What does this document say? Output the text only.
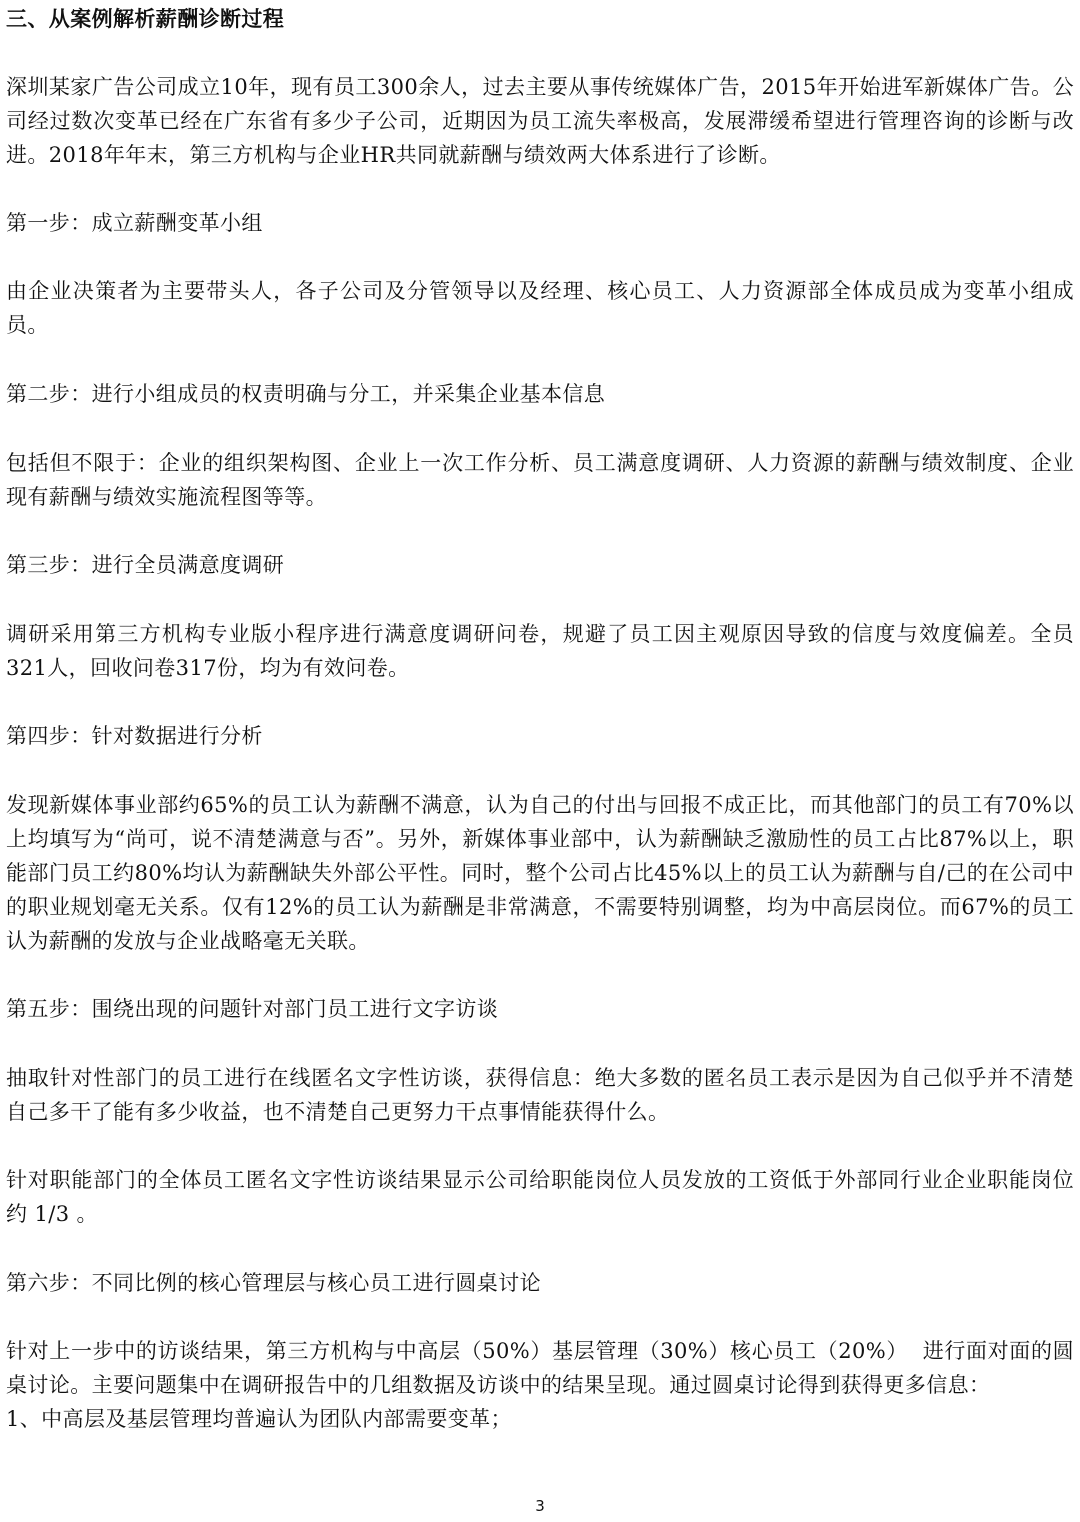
三、从案例解析薪酬诊断过程

深圳某家广告公司成立10年，现有员工300余人，过去主要从事传统媒体广告，2015年开始进军新媒体广告。公司经过数次变革已经在广东省有多少子公司，近期因为员工流失率极高，发展滞缓希望进行管理咨询的诊断与改进。2018年年末，第三方机构与企业HR共同就薪酬与绩效两大体系进行了诊断。

第一步：成立薪酬变革小组

由企业决策者为主要带头人，各子公司及分管领导以及经理、核心员工、人力资源部全体成员成为变革小组成员。

第二步：进行小组成员的权责明确与分工，并采集企业基本信息

包括但不限于：企业的组织架构图、企业上一次工作分析、员工满意度调研、人力资源的薪酬与绩效制度、企业现有薪酬与绩效实施流程图等等。

第三步：进行全员满意度调研

调研采用第三方机构专业版小程序进行满意度调研问卷，规避了员工因主观原因导致的信度与效度偏差。全员321人，回收问卷317份，均为有效问卷。

第四步：针对数据进行分析

发现新媒体事业部约65%的员工认为薪酬不满意，认为自己的付出与回报不成正比，而其他部门的员工有70%以上均填写为“尚可，说不清楚满意与否”。另外，新媒体事业部中，认为薪酬缺乏激励性的员工占比87%以上，职能部门员工约80%均认为薪酬缺失外部公平性。同时，整个公司占比45%以上的员工认为薪酬与自/己的在公司中的职业规划毫无关系。仅有12%的员工认为薪酬是非常满意，不需要特别调整，均为中高层岗位。而67%的员工认为薪酬的发放与企业战略毫无关联。

第五步：围绕出现的问题针对部门员工进行文字访谈

抽取针对性部门的员工进行在线匿名文字性访谈，获得信息：绝大多数的匿名员工表示是因为自己似乎并不清楚自己多干了能有多少收益，也不清楚自己更努力干点事情能获得什么。

针对职能部门的全体员工匿名文字性访谈结果显示公司给职能岗位人员发放的工资低于外部同行业企业职能岗位约 1/3 。

第六步：不同比例的核心管理层与核心员工进行圆桌讨论

针对上一步中的访谈结果，第三方机构与中高层（50%）基层管理（30%）核心员工（20%）  进行面对面的圆桌讨论。主要问题集中在调研报告中的几组数据及访谈中的结果呈现。通过圆桌讨论得到获得更多信息：

1、中高层及基层管理均普遍认为团队内部需要变革；

3
